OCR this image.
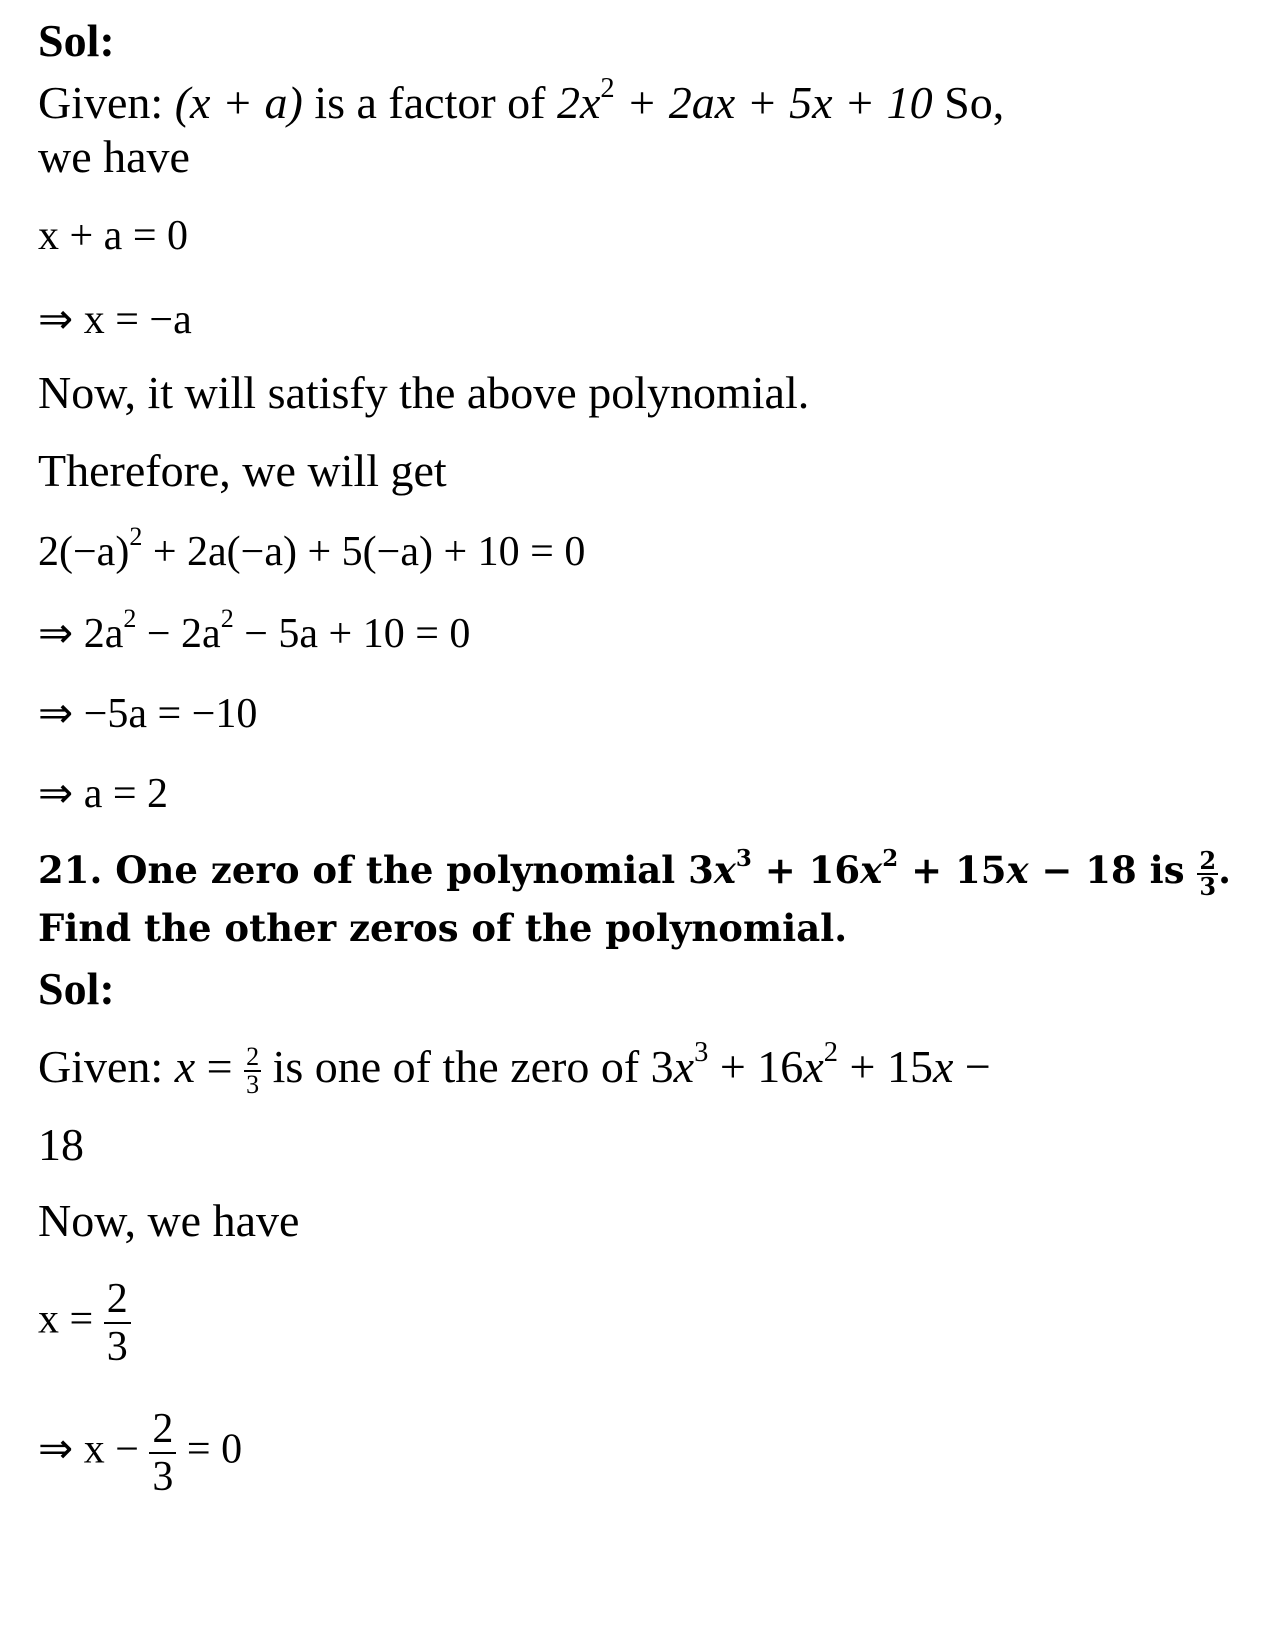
Sol:
Given: (x + a) is a factor of $2x^2 + 2ax + 5x + 10$ So,
we have
x + a = 0
⇒ x = −a
Now, it will satisfy the above polynomial.
Therefore, we will get
$2(-a)^2 + 2a(-a) + 5(-a) + 10 = 0$
⇒ $2a^2 - 2a^2 - 5a + 10 = 0$
⇒ −5a = −10
⇒ a = 2
21. One zero of the polynomial $3x^3 + 16x^2 + 15x - 18$ is $\frac{2}{3}$ .
Find the other zeros of the polynomial.
Sol:
Given: $x = \frac{2}{3}$ is one of the zero of $3x^3 + 16x^2 + 15x$ −
18
Now, we have
$x = \frac{2}{3}$
⇒ $x - \frac{2}{3} = 0$
